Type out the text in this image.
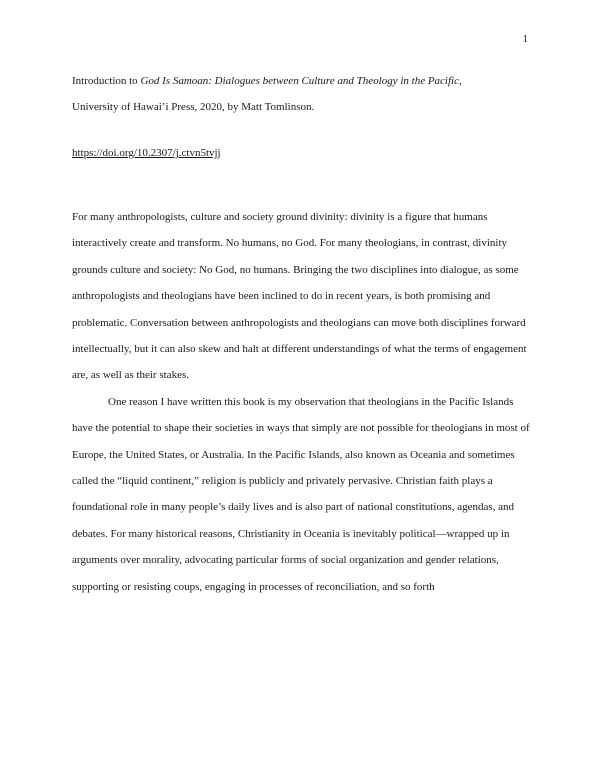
1
Introduction to God Is Samoan: Dialogues between Culture and Theology in the Pacific,
University of Hawai’i Press, 2020, by Matt Tomlinson.
https://doi.org/10.2307/j.ctvn5tvjj

For many anthropologists, culture and society ground divinity: divinity is a figure that humans interactively create and transform. No humans, no God. For many theologians, in contrast, divinity grounds culture and society: No God, no humans. Bringing the two disciplines into dialogue, as some anthropologists and theologians have been inclined to do in recent years, is both promising and problematic. Conversation between anthropologists and theologians can move both disciplines forward intellectually, but it can also skew and halt at different understandings of what the terms of engagement are, as well as their stakes.

One reason I have written this book is my observation that theologians in the Pacific Islands have the potential to shape their societies in ways that simply are not possible for theologians in most of Europe, the United States, or Australia. In the Pacific Islands, also known as Oceania and sometimes called the “liquid continent,” religion is publicly and privately pervasive. Christian faith plays a foundational role in many people’s daily lives and is also part of national constitutions, agendas, and debates. For many historical reasons, Christianity in Oceania is inevitably political—wrapped up in arguments over morality, advocating particular forms of social organization and gender relations, supporting or resisting coups, engaging in processes of reconciliation, and so forth
